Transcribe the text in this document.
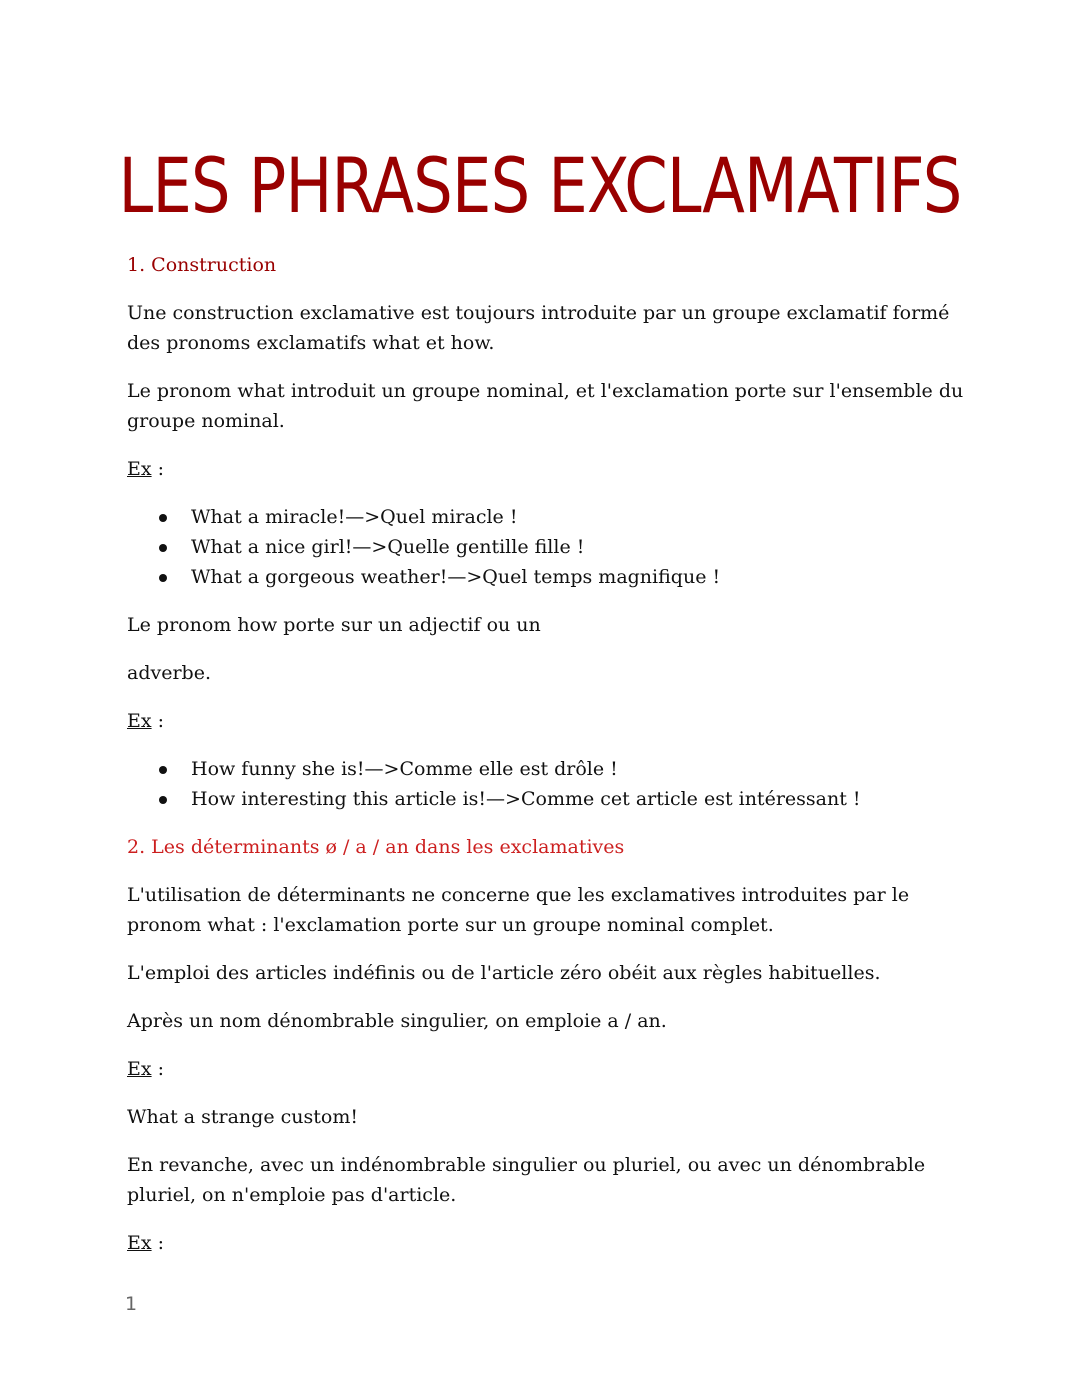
LES PHRASES EXCLAMATIFS

1. Construction

Une construction exclamative est toujours introduite par un groupe exclamatif formé des pronoms exclamatifs what et how.

Le pronom what introduit un groupe nominal, et l'exclamation porte sur l'ensemble du groupe nominal.

Ex :

What a miracle!—>Quel miracle !
What a nice girl!—>Quelle gentille fille !
What a gorgeous weather!—>Quel temps magnifique !

Le pronom how porte sur un adjectif ou un

adverbe.

Ex :

How funny she is!—>Comme elle est drôle !
How interesting this article is!—>Comme cet article est intéressant !

2. Les déterminants ø / a / an dans les exclamatives

L'utilisation de déterminants ne concerne que les exclamatives introduites par le pronom what : l'exclamation porte sur un groupe nominal complet.

L'emploi des articles indéfinis ou de l'article zéro obéit aux règles habituelles.

Après un nom dénombrable singulier, on emploie a / an.

Ex :

What a strange custom!

En revanche, avec un indénombrable singulier ou pluriel, ou avec un dénombrable pluriel, on n'emploie pas d'article.

Ex :

1
